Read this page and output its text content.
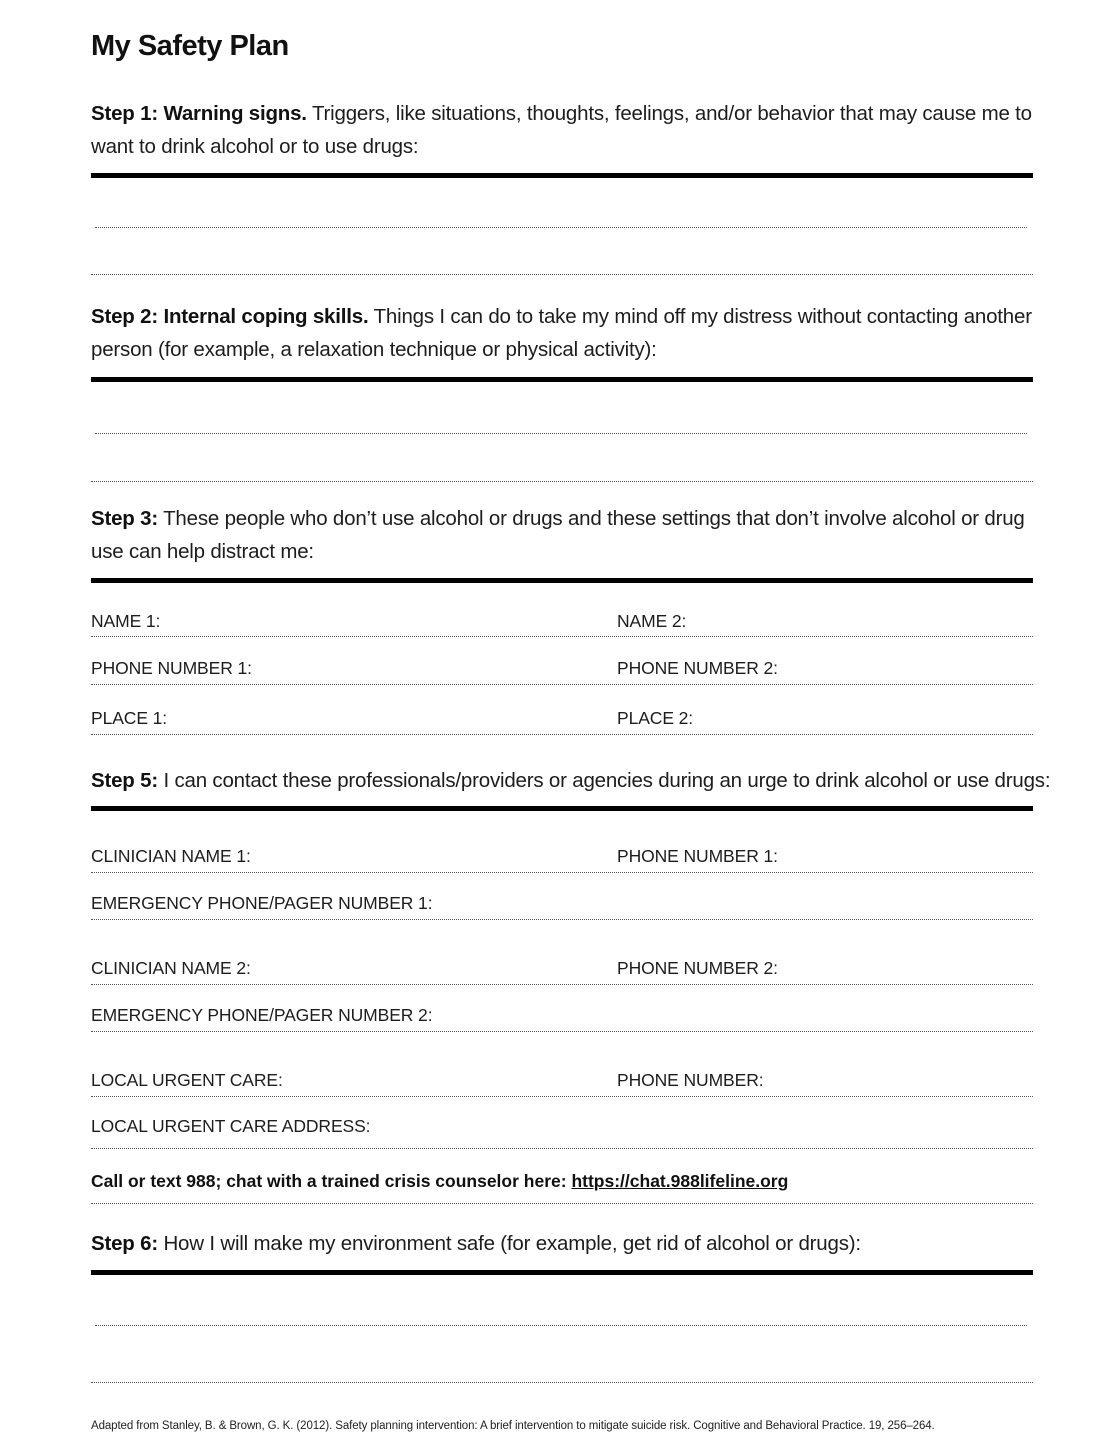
My Safety Plan
Step 1: Warning signs. Triggers, like situations, thoughts, feelings, and/or behavior that may cause me to want to drink alcohol or to use drugs:
Step 2: Internal coping skills. Things I can do to take my mind off my distress without contacting another person (for example, a relaxation technique or physical activity):
Step 3: These people who don’t use alcohol or drugs and these settings that don’t involve alcohol or drug use can help distract me:
NAME 1:	NAME 2:
PHONE NUMBER 1:	PHONE NUMBER 2:
PLACE 1:	PLACE 2:
Step 5: I can contact these professionals/providers or agencies during an urge to drink alcohol or use drugs:
CLINICIAN NAME 1:	PHONE NUMBER 1:
EMERGENCY PHONE/PAGER NUMBER 1:
CLINICIAN NAME 2:	PHONE NUMBER 2:
EMERGENCY PHONE/PAGER NUMBER 2:
LOCAL URGENT CARE:	PHONE NUMBER:
LOCAL URGENT CARE ADDRESS:
Call or text 988; chat with a trained crisis counselor here: https://chat.988lifeline.org
Step 6: How I will make my environment safe (for example, get rid of alcohol or drugs):
Adapted from Stanley, B. & Brown, G. K. (2012). Safety planning intervention: A brief intervention to mitigate suicide risk. Cognitive and Behavioral Practice. 19, 256–264.
